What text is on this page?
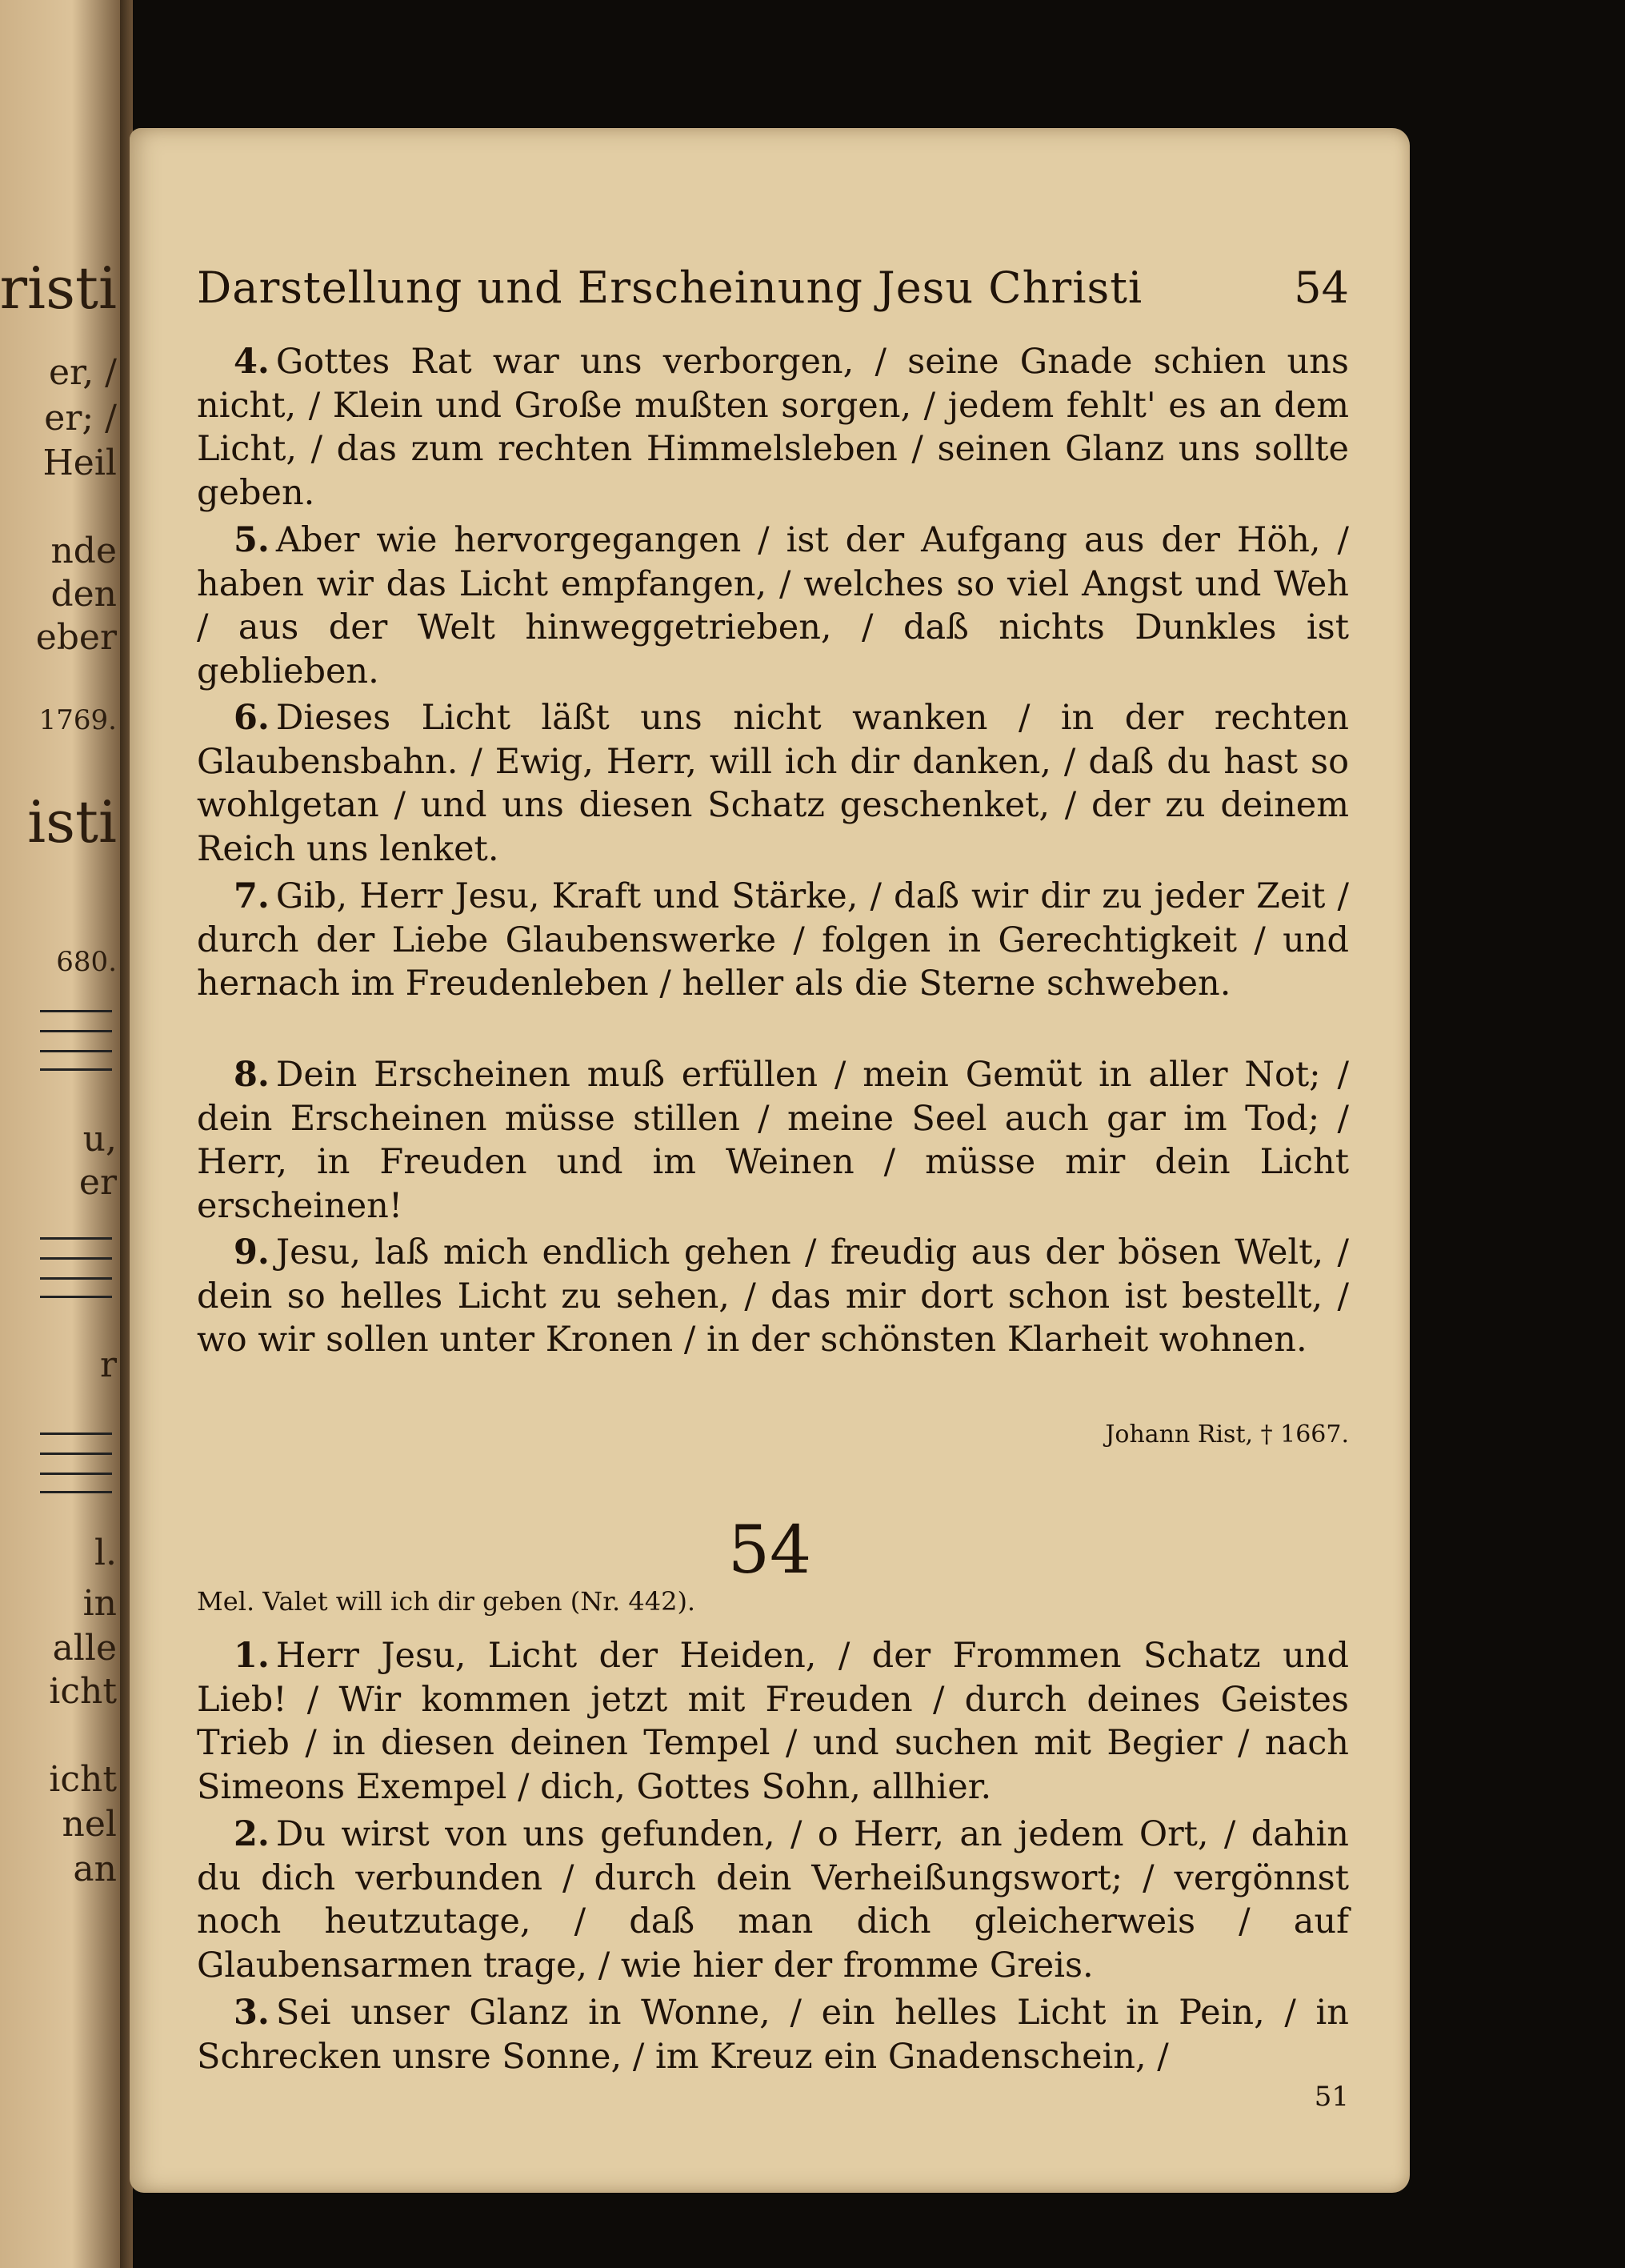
risti

er, /

er; /

Heil

nde

den

eber

1769.

isti

680.

u,

er

r

l.

in

alle

icht

icht

nel

an

Darstellung und Erscheinung Jesu Christi	54

4. Gottes Rat war uns verborgen, / seine Gnade schien uns nicht, / Klein und Große mußten sorgen, / jedem fehlt' es an dem Licht, / das zum rechten Himmelsleben / seinen Glanz uns sollte geben.

5. Aber wie hervorgegangen / ist der Aufgang aus der Höh, / haben wir das Licht empfangen, / welches so viel Angst und Weh / aus der Welt hinweggetrieben, / daß nichts Dunkles ist geblieben.

6. Dieses Licht läßt uns nicht wanken / in der rechten Glaubensbahn. / Ewig, Herr, will ich dir danken, / daß du hast so wohlgetan / und uns diesen Schatz geschenket, / der zu deinem Reich uns lenket.

7. Gib, Herr Jesu, Kraft und Stärke, / daß wir dir zu jeder Zeit / durch der Liebe Glaubenswerke / folgen in Gerechtigkeit / und hernach im Freudenleben / heller als die Sterne schweben.

8. Dein Erscheinen muß erfüllen / mein Gemüt in aller Not; / dein Erscheinen müsse stillen / meine Seel auch gar im Tod; / Herr, in Freuden und im Weinen / müsse mir dein Licht erscheinen!

9. Jesu, laß mich endlich gehen / freudig aus der bösen Welt, / dein so helles Licht zu sehen, / das mir dort schon ist bestellt, / wo wir sollen unter Kronen / in der schönsten Klarheit wohnen.

Johann Rist, † 1667.
54
Mel. Valet will ich dir geben (Nr. 442).

1. Herr Jesu, Licht der Heiden, / der Frommen Schatz und Lieb! / Wir kommen jetzt mit Freuden / durch deines Geistes Trieb / in diesen deinen Tempel / und suchen mit Begier / nach Simeons Exempel / dich, Gottes Sohn, allhier.

2. Du wirst von uns gefunden, / o Herr, an jedem Ort, / dahin du dich verbunden / durch dein Verheißungswort; / vergönnst noch heutzutage, / daß man dich gleicherweis / auf Glaubensarmen trage, / wie hier der fromme Greis.

3. Sei unser Glanz in Wonne, / ein helles Licht in Pein, / in Schrecken unsre Sonne, / im Kreuz ein Gnadenschein, /

51
